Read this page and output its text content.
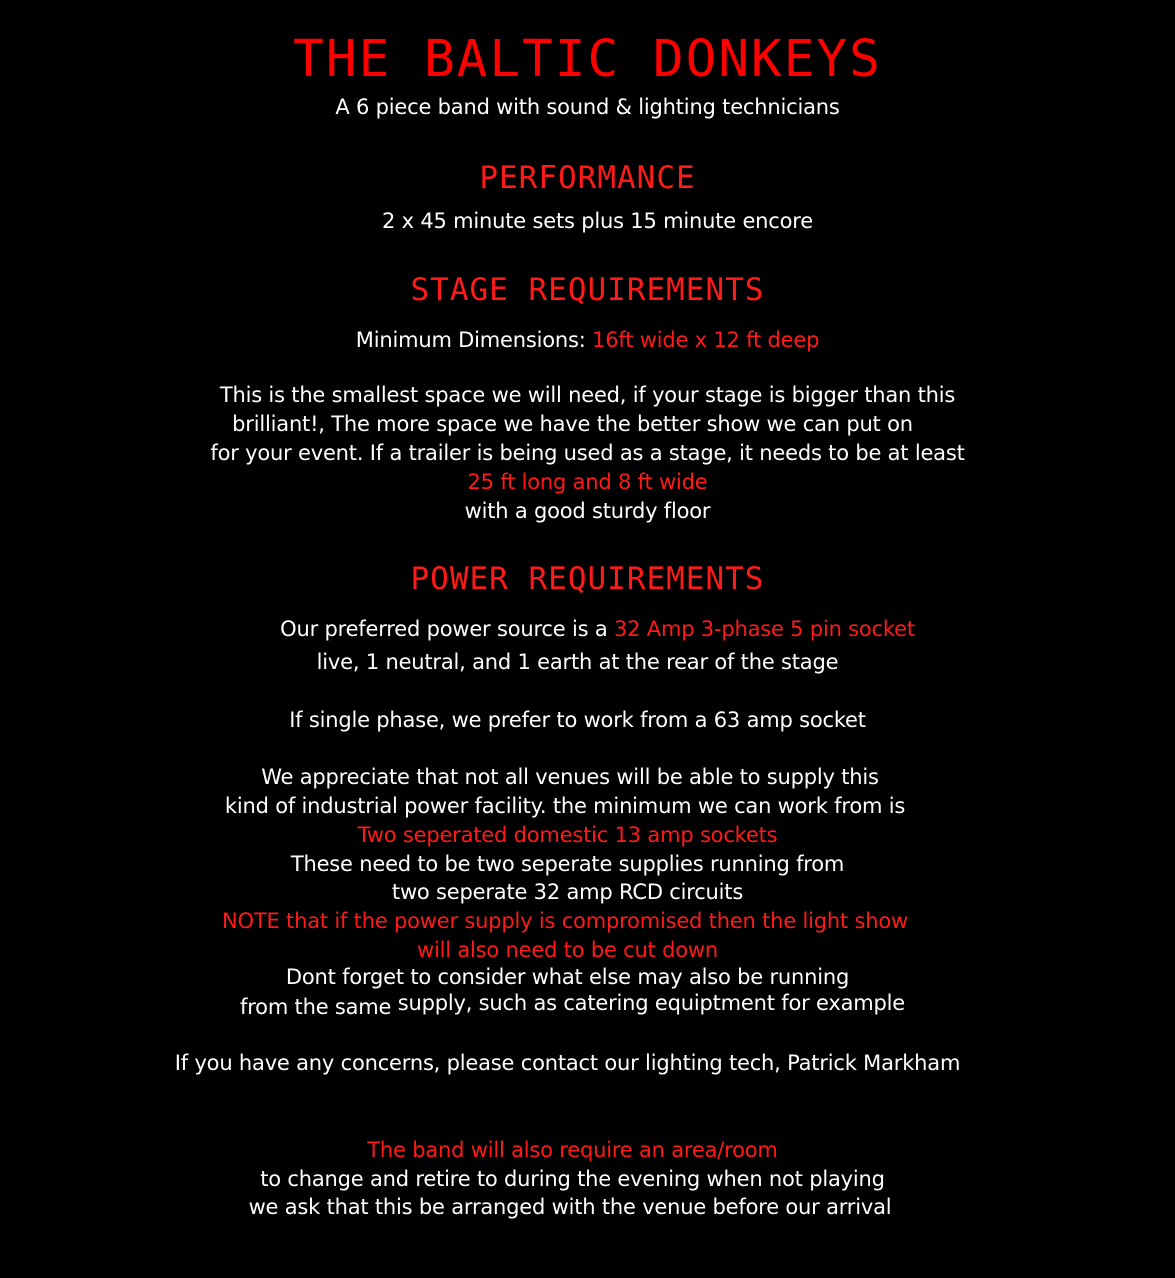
THE BALTIC DONKEYS
A 6 piece band with sound & lighting technicians
PERFORMANCE
2 x 45 minute sets plus 15 minute encore
STAGE REQUIREMENTS
Minimum Dimensions: 16ft wide x 12 ft deep
This is the smallest space we will need, if your stage is bigger than this
brilliant!, The more space we have the better show we can put on
for your event. If a trailer is being used as a stage, it needs to be at least
25 ft long and 8 ft wide
with a good sturdy floor
POWER REQUIREMENTS
Our preferred power source is a 32 Amp 3-phase 5 pin socket
live, 1 neutral, and 1 earth at the rear of the stage
If single phase, we prefer to work from a 63 amp socket
We appreciate that not all venues will be able to supply this
kind of industrial power facility. the minimum we can work from is
Two seperated domestic 13 amp sockets
These need to be two seperate supplies running from
two seperate 32 amp RCD circuits
NOTE that if the power supply is compromised then the light show
will also need to be cut down
Dont forget to consider what else may also be running
from the same supply, such as catering equiptment for example
If you have any concerns, please contact our lighting tech, Patrick Markham
The band will also require an area/room
to change and retire to during the evening when not playing
we ask that this be arranged with the venue before our arrival
